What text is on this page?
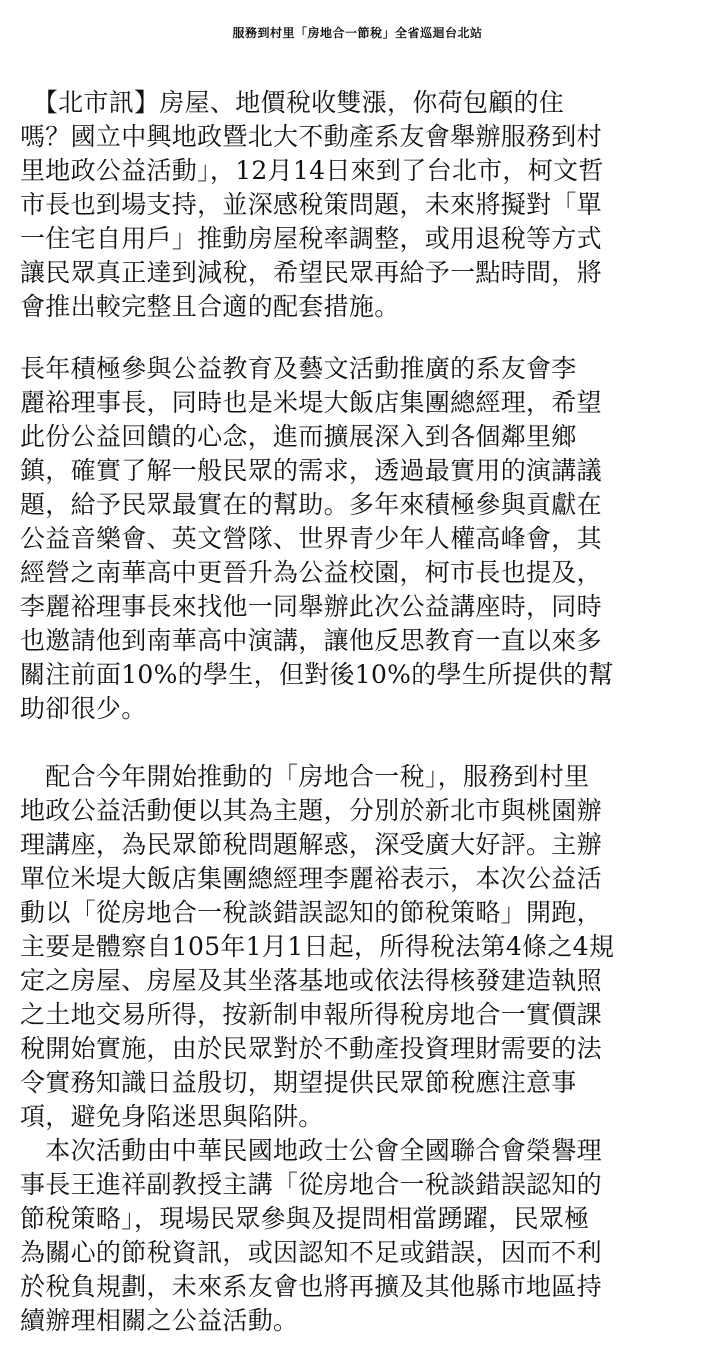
服務到村里「房地合一節稅」全省巡迴台北站
　【北市訊】房屋、地價稅收雙漲，你荷包顧的住
嗎？國立中興地政暨北大不動產系友會舉辦服務到村
里地政公益活動」，12月14日來到了台北市，柯文哲
市長也到場支持，並深感稅策問題，未來將擬對「單
一住宅自用戶」推動房屋稅率調整，或用退稅等方式
讓民眾真正達到減稅，希望民眾再給予一點時間，將
會推出較完整且合適的配套措施。
長年積極參與公益教育及藝文活動推廣的系友會李
麗裕理事長，同時也是米堤大飯店集團總經理，希望
此份公益回饋的心念，進而擴展深入到各個鄰里鄉
鎮，確實了解一般民眾的需求，透過最實用的演講議
題，給予民眾最實在的幫助。多年來積極參與貢獻在
公益音樂會、英文營隊、世界青少年人權高峰會，其
經營之南華高中更晉升為公益校園，柯市長也提及，
李麗裕理事長來找他一同舉辦此次公益講座時，同時
也邀請他到南華高中演講，讓他反思教育一直以來多
關注前面10%的學生，但對後10%的學生所提供的幫
助卻很少。
　配合今年開始推動的「房地合一稅」，服務到村里
地政公益活動便以其為主題，分別於新北市與桃園辦
理講座，為民眾節稅問題解惑，深受廣大好評。主辦
單位米堤大飯店集團總經理李麗裕表示，本次公益活
動以「從房地合一稅談錯誤認知的節稅策略」開跑，
主要是體察自105年1月1日起，所得稅法第4條之4規
定之房屋、房屋及其坐落基地或依法得核發建造執照
之土地交易所得，按新制申報所得稅房地合一實價課
稅開始實施，由於民眾對於不動產投資理財需要的法
令實務知識日益殷切，期望提供民眾節稅應注意事
項，避免身陷迷思與陷阱。
　本次活動由中華民國地政士公會全國聯合會榮譽理
事長王進祥副教授主講「從房地合一稅談錯誤認知的
節稅策略」，現場民眾參與及提問相當踴躍，民眾極
為關心的節稅資訊，或因認知不足或錯誤，因而不利
於稅負規劃，未來系友會也將再擴及其他縣市地區持
續辦理相關之公益活動。
